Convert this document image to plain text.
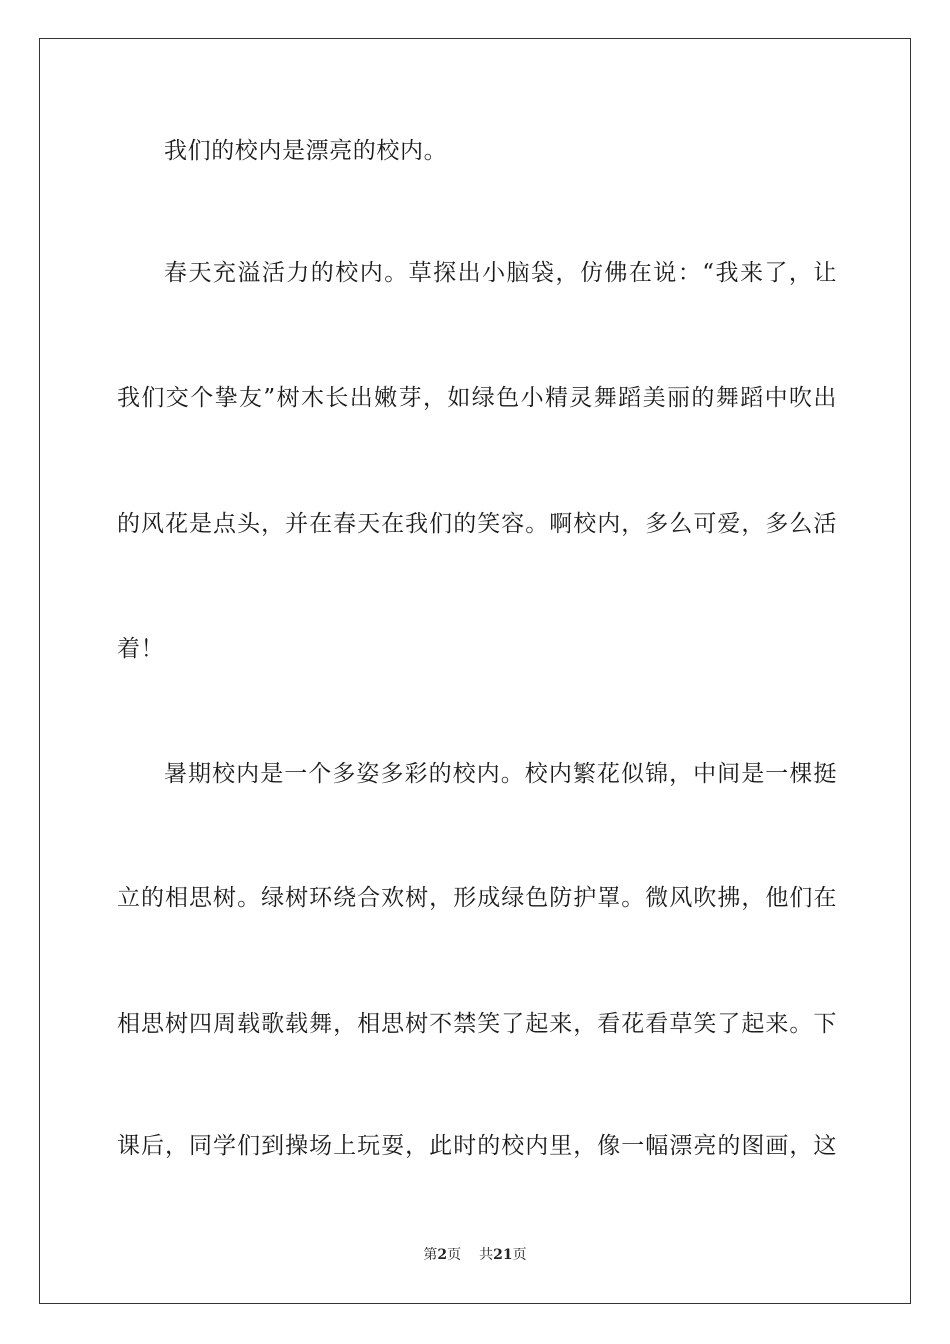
我们的校内是漂亮的校内。
春天充溢活力的校内。草探出小脑袋，仿佛在说：“我来了，让
我们交个挚友”树木长出嫩芽，如绿色小精灵舞蹈美丽的舞蹈中吹出
的风花是点头，并在春天在我们的笑容。啊校内，多么可爱，多么活
着！
暑期校内是一个多姿多彩的校内。校内繁花似锦，中间是一棵挺
立的相思树。绿树环绕合欢树，形成绿色防护罩。微风吹拂，他们在
相思树四周载歌载舞，相思树不禁笑了起来，看花看草笑了起来。下
课后，同学们到操场上玩耍，此时的校内里，像一幅漂亮的图画，这
第2页 共21页
